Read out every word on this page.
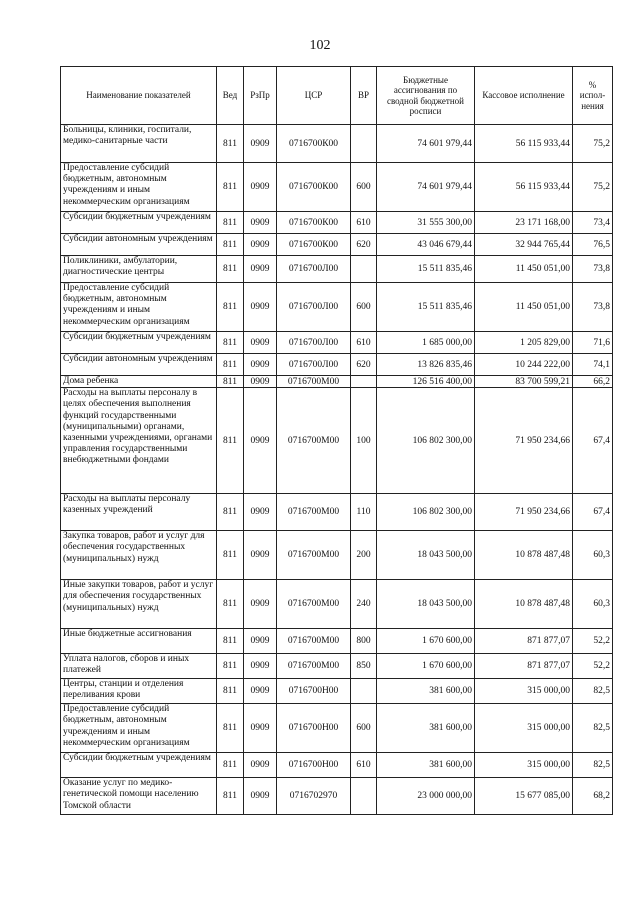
102
Наименование показателей	Вед	РзПр	ЦСР	ВР	Бюджетные ассигнования по сводной бюджетной росписи	Кассовое исполнение	% испол-нения
Больницы, клиники, госпитали, медико-санитарные части	811	0909	0716700К00		74 601 979,44	56 115 933,44	75,2
Предоставление субсидий бюджетным, автономным учреждениям и иным некоммерческим организациям	811	0909	0716700К00	600	74 601 979,44	56 115 933,44	75,2
Субсидии бюджетным учреждениям	811	0909	0716700К00	610	31 555 300,00	23 171 168,00	73,4
Субсидии автономным учреждениям	811	0909	0716700К00	620	43 046 679,44	32 944 765,44	76,5
Поликлиники, амбулатории, диагностические центры	811	0909	0716700Л00		15 511 835,46	11 450 051,00	73,8
Предоставление субсидий бюджетным, автономным учреждениям и иным некоммерческим организациям	811	0909	0716700Л00	600	15 511 835,46	11 450 051,00	73,8
Субсидии бюджетным учреждениям	811	0909	0716700Л00	610	1 685 000,00	1 205 829,00	71,6
Субсидии автономным учреждениям	811	0909	0716700Л00	620	13 826 835,46	10 244 222,00	74,1
Дома ребенка	811	0909	0716700М00		126 516 400,00	83 700 599,21	66,2
Расходы на выплаты персоналу в целях обеспечения выполнения функций государственными (муниципальными) органами, казенными учреждениями, органами управления государственными внебюджетными фондами	811	0909	0716700М00	100	106 802 300,00	71 950 234,66	67,4
Расходы на выплаты персоналу казенных учреждений	811	0909	0716700М00	110	106 802 300,00	71 950 234,66	67,4
Закупка товаров, работ и услуг для обеспечения государственных (муниципальных) нужд	811	0909	0716700М00	200	18 043 500,00	10 878 487,48	60,3
Иные закупки товаров, работ и услуг для обеспечения государственных (муниципальных) нужд	811	0909	0716700М00	240	18 043 500,00	10 878 487,48	60,3
Иные бюджетные ассигнования	811	0909	0716700М00	800	1 670 600,00	871 877,07	52,2
Уплата налогов, сборов и иных платежей	811	0909	0716700М00	850	1 670 600,00	871 877,07	52,2
Центры, станции и отделения переливания крови	811	0909	0716700Н00		381 600,00	315 000,00	82,5
Предоставление субсидий бюджетным, автономным учреждениям и иным некоммерческим организациям	811	0909	0716700Н00	600	381 600,00	315 000,00	82,5
Субсидии бюджетным учреждениям	811	0909	0716700Н00	610	381 600,00	315 000,00	82,5
Оказание услуг по медико-генетической помощи населению Томской области	811	0909	0716702970		23 000 000,00	15 677 085,00	68,2
